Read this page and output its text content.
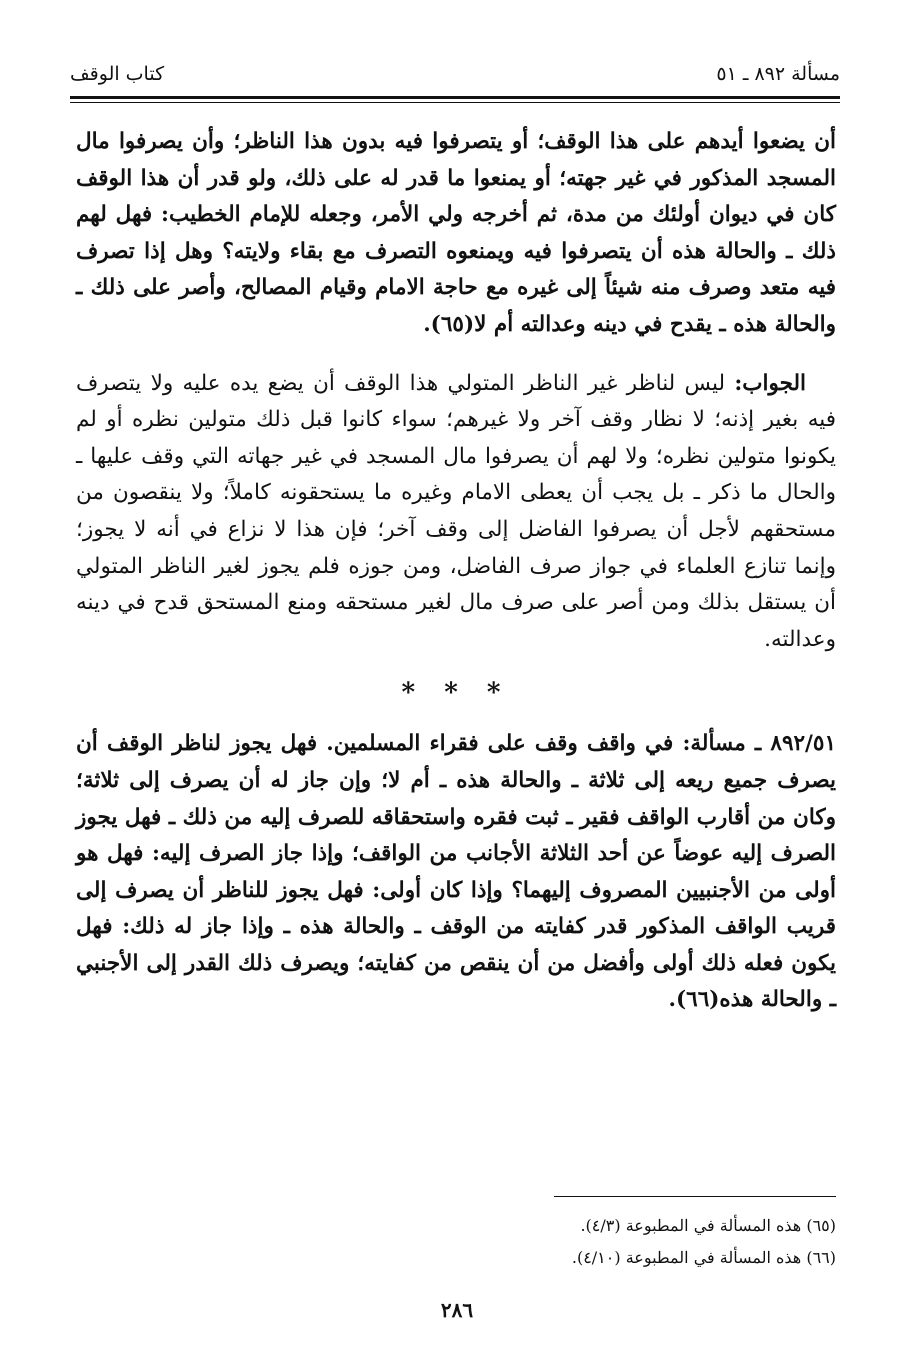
مسألة ٨٩٢ ـ ٥١
كتاب الوقف

أن يضعوا أيدهم على هذا الوقف؛ أو يتصرفوا فيه بدون هذا الناظر؛ وأن يصرفوا مال المسجد المذكور في غير جهته؛ أو يمنعوا ما قدر له على ذلك، ولو قدر أن هذا الوقف كان في ديوان أولئك من مدة، ثم أخرجه ولي الأمر، وجعله للإمام الخطيب: فهل لهم ذلك ـ والحالة هذه أن يتصرفوا فيه ويمنعوه التصرف مع بقاء ولايته؟ وهل إذا تصرف فيه متعد وصرف منه شيئاً إلى غيره مع حاجة الامام وقيام المصالح، وأصر على ذلك ـ والحالة هذه ـ يقدح في دينه وعدالته أم لا(٦٥).

الجواب: ليس لناظر غير الناظر المتولي هذا الوقف أن يضع يده عليه ولا يتصرف فيه بغير إذنه؛ لا نظار وقف آخر ولا غيرهم؛ سواء كانوا قبل ذلك متولين نظره أو لم يكونوا متولين نظره؛ ولا لهم أن يصرفوا مال المسجد في غير جهاته التي وقف عليها ـ والحال ما ذكر ـ بل يجب أن يعطى الامام وغيره ما يستحقونه كاملاً؛ ولا ينقصون من مستحقهم لأجل أن يصرفوا الفاضل إلى وقف آخر؛ فإن هذا لا نزاع في أنه لا يجوز؛ وإنما تنازع العلماء في جواز صرف الفاضل، ومن جوزه فلم يجوز لغير الناظر المتولي أن يستقل بذلك ومن أصر على صرف مال لغير مستحقه ومنع المستحق قدح في دينه وعدالته.

* * *

٨٩٢/٥١ ـ مسألة: في واقف وقف على فقراء المسلمين. فهل يجوز لناظر الوقف أن يصرف جميع ريعه إلى ثلاثة ـ والحالة هذه ـ أم لا؛ وإن جاز له أن يصرف إلى ثلاثة؛ وكان من أقارب الواقف فقير ـ ثبت فقره واستحقاقه للصرف إليه من ذلك ـ فهل يجوز الصرف إليه عوضاً عن أحد الثلاثة الأجانب من الواقف؛ وإذا جاز الصرف إليه: فهل هو أولى من الأجنبيين المصروف إليهما؟ وإذا كان أولى: فهل يجوز للناظر أن يصرف إلى قريب الواقف المذكور قدر كفايته من الوقف ـ والحالة هذه ـ وإذا جاز له ذلك: فهل يكون فعله ذلك أولى وأفضل من أن ينقص من كفايته؛ ويصرف ذلك القدر إلى الأجنبي ـ والحالة هذه(٦٦).

(٦٥) هذه المسألة في المطبوعة (٤/٣).

(٦٦) هذه المسألة في المطبوعة (٤/١٠).

٢٨٦
